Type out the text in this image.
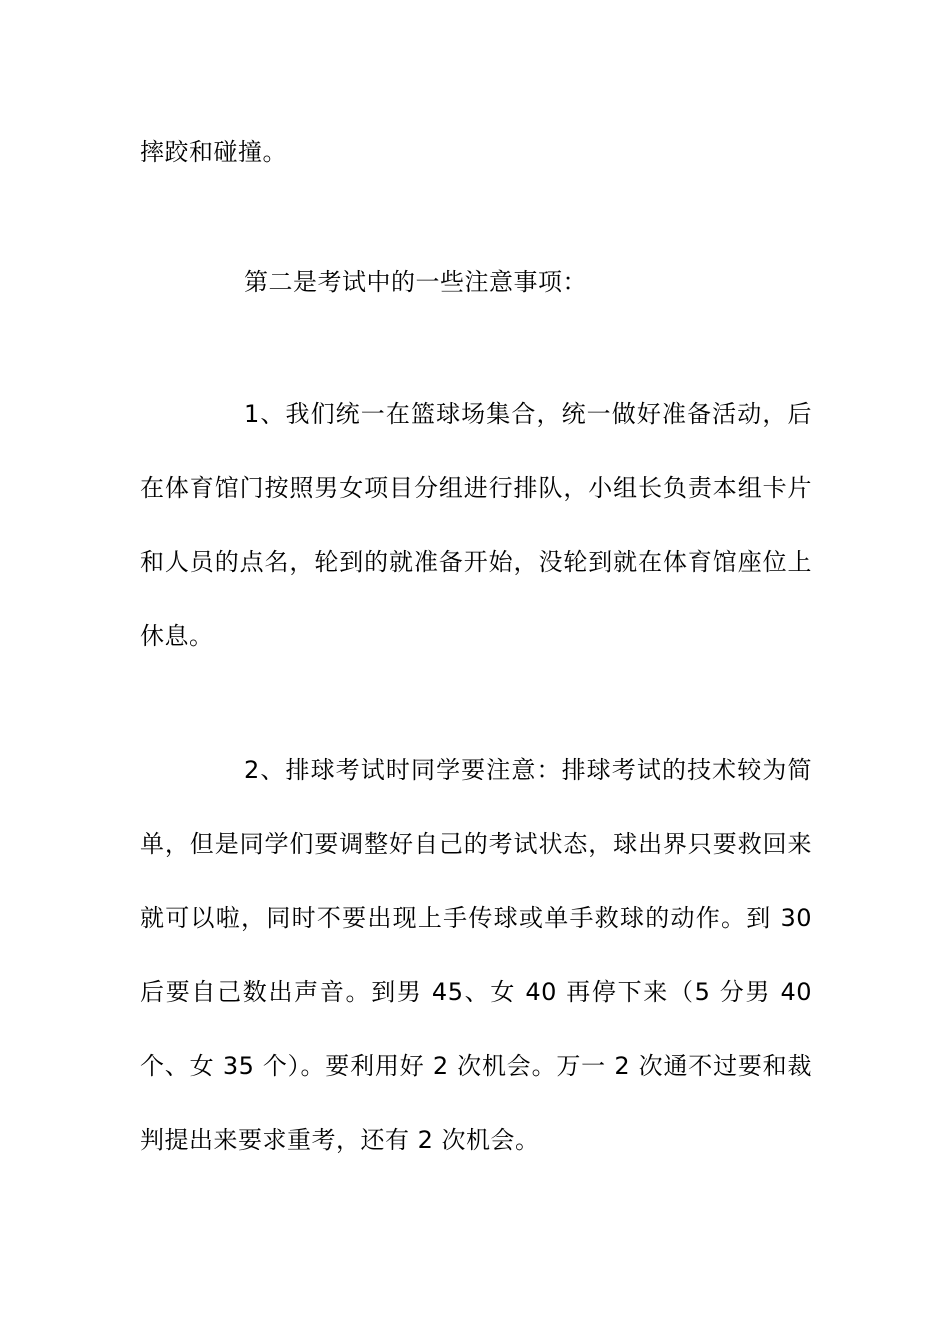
摔跤和碰撞。

第二是考试中的一些注意事项：

1、我们统一在篮球场集合，统一做好准备活动，后在体育馆门按照男女项目分组进行排队，小组长负责本组卡片和人员的点名，轮到的就准备开始，没轮到就在体育馆座位上休息。

2、排球考试时同学要注意：排球考试的技术较为简单，但是同学们要调整好自己的考试状态，球出界只要救回来就可以啦，同时不要出现上手传球或单手救球的动作。到 30 后要自己数出声音。到男 45、女 40 再停下来（5 分男 40 个、女 35 个）。要利用好 2 次机会。万一 2 次通不过要和裁判提出来要求重考，还有 2 次机会。
